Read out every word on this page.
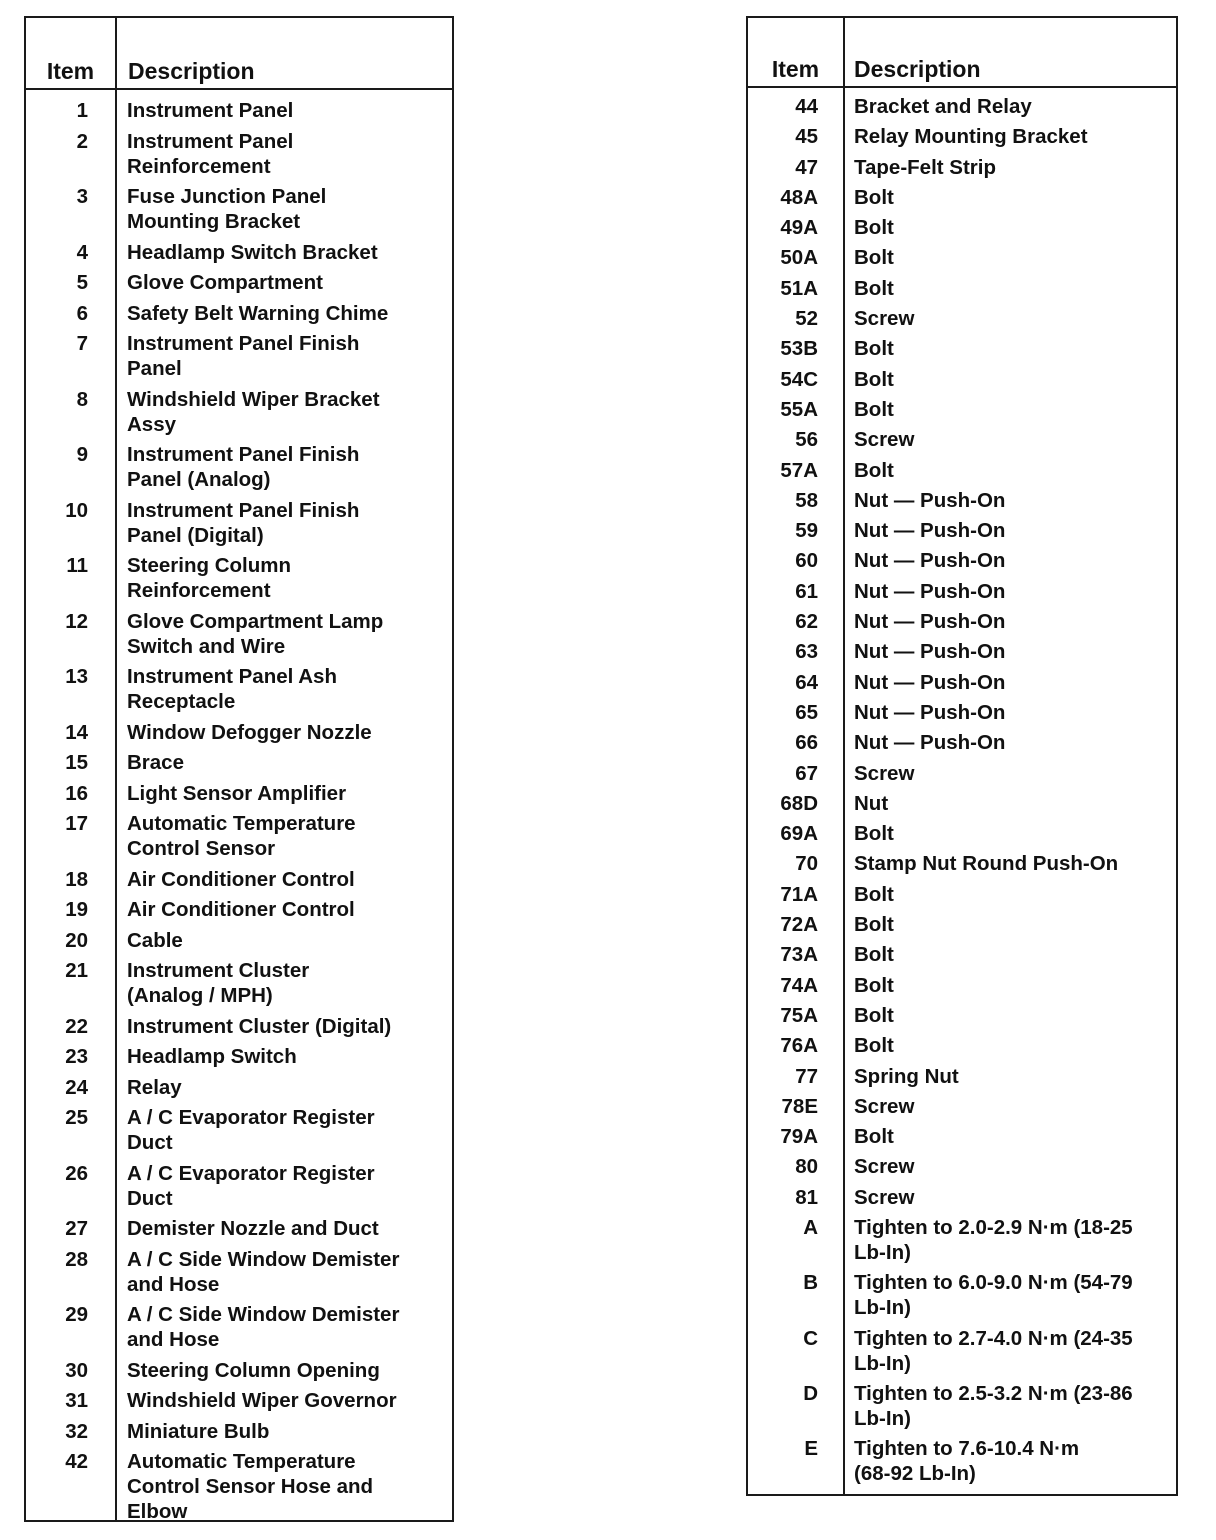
Item	Description
1 Instrument Panel
2 Instrument Panel
Reinforcement
3 Fuse Junction Panel
Mounting Bracket
4 Headlamp Switch Bracket
5 Glove Compartment
6 Safety Belt Warning Chime
7 Instrument Panel Finish
Panel
8 Windshield Wiper Bracket
Assy
9 Instrument Panel Finish
Panel (Analog)
10 Instrument Panel Finish
Panel (Digital)
11 Steering Column
Reinforcement
12 Glove Compartment Lamp
Switch and Wire
13 Instrument Panel Ash
Receptacle
14 Window Defogger Nozzle
15 Brace
16 Light Sensor Amplifier
17 Automatic Temperature
Control Sensor
18 Air Conditioner Control
19 Air Conditioner Control
20 Cable
21 Instrument Cluster
(Analog / MPH)
22 Instrument Cluster (Digital)
23 Headlamp Switch
24 Relay
25 A / C Evaporator Register
Duct
26 A / C Evaporator Register
Duct
27 Demister Nozzle and Duct
28 A / C Side Window Demister
and Hose
29 A / C Side Window Demister
and Hose
30 Steering Column Opening
31 Windshield Wiper Governor
32 Miniature Bulb
42 Automatic Temperature
Control Sensor Hose and
Elbow
Item	Description
44 Bracket and Relay
45 Relay Mounting Bracket
47 Tape-Felt Strip
48A Bolt
49A Bolt
50A Bolt
51A Bolt
52 Screw
53B Bolt
54C Bolt
55A Bolt
56 Screw
57A Bolt
58 Nut — Push-On
59 Nut — Push-On
60 Nut — Push-On
61 Nut — Push-On
62 Nut — Push-On
63 Nut — Push-On
64 Nut — Push-On
65 Nut — Push-On
66 Nut — Push-On
67 Screw
68D Nut
69A Bolt
70 Stamp Nut Round Push-On
71A Bolt
72A Bolt
73A Bolt
74A Bolt
75A Bolt
76A Bolt
77 Spring Nut
78E Screw
79A Bolt
80 Screw
81 Screw
A Tighten to 2.0-2.9 N·m (18-25
Lb-In)
B Tighten to 6.0-9.0 N·m (54-79
Lb-In)
C Tighten to 2.7-4.0 N·m (24-35
Lb-In)
D Tighten to 2.5-3.2 N·m (23-86
Lb-In)
E Tighten to 7.6-10.4 N·m
(68-92 Lb-In)
